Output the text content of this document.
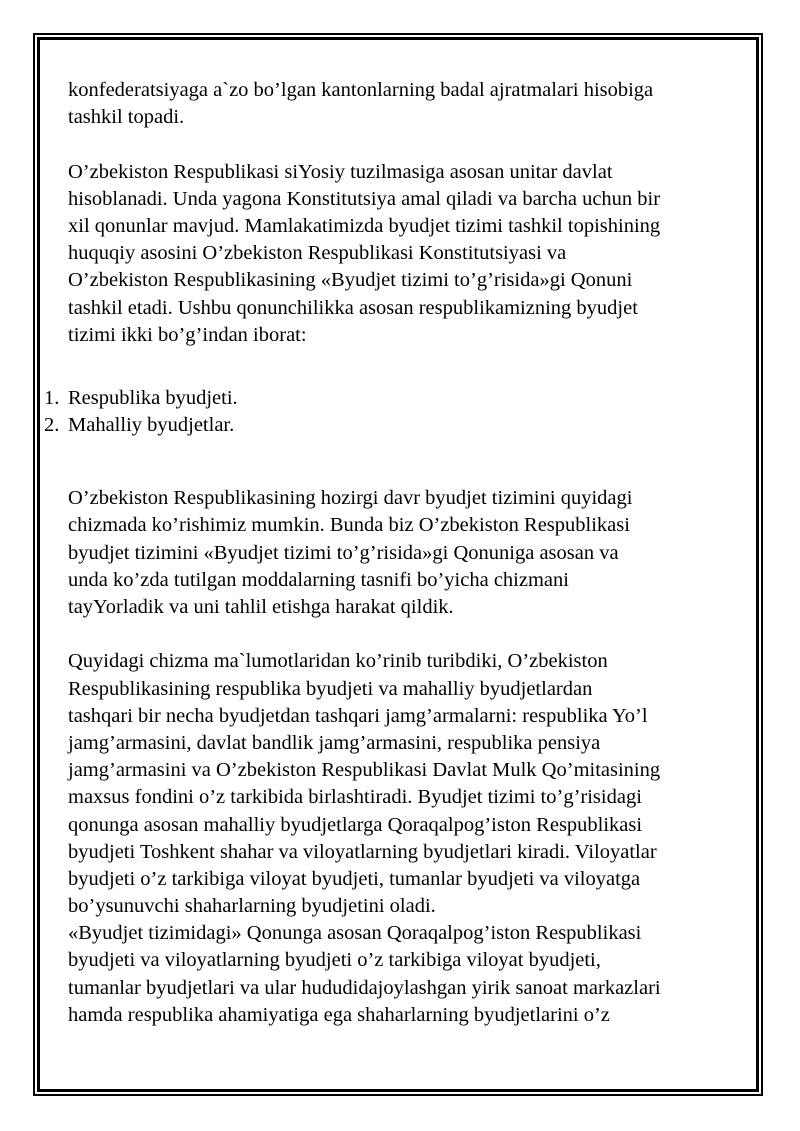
konfederatsiyaga a`zo bo’lgan kantonlarning badal ajratmalari hisobiga
tashkil topadi.
O’zbekiston Respublikasi siYosiy tuzilmasiga asosan unitar davlat
hisoblanadi. Unda yagona Konstitutsiya amal qiladi va barcha uchun bir
xil qonunlar mavjud. Mamlakatimizda byudjet tizimi tashkil topishining
huquqiy asosini O’zbekiston Respublikasi Konstitutsiyasi va
O’zbekiston Respublikasining «Byudjet tizimi to’g’risida»gi Qonuni
tashkil etadi. Ushbu qonunchilikka asosan respublikamizning byudjet
tizimi ikki bo’g’indan iborat:
1. Respublika byudjeti.
2. Mahalliy byudjetlar.
O’zbekiston Respublikasining hozirgi davr byudjet tizimini quyidagi
chizmada ko’rishimiz mumkin. Bunda biz O’zbekiston Respublikasi
byudjet tizimini «Byudjet tizimi to’g’risida»gi Qonuniga asosan va
unda ko’zda tutilgan moddalarning tasnifi bo’yicha chizmani
tayYorladik va uni tahlil etishga harakat qildik.
Quyidagi chizma ma`lumotlaridan ko’rinib turibdiki, O’zbekiston
Respublikasining respublika byudjeti va mahalliy byudjetlardan
tashqari bir necha byudjetdan tashqari jamg’armalarni: respublika Yo’l
jamg’armasini, davlat bandlik jamg’armasini, respublika pensiya
jamg’armasini va O’zbekiston Respublikasi Davlat Mulk Qo’mitasining
maxsus fondini o’z tarkibida birlashtiradi. Byudjet tizimi to’g’risidagi
qonunga asosan mahalliy byudjetlarga Qoraqalpog’iston Respublikasi
byudjeti Toshkent shahar va viloyatlarning byudjetlari kiradi. Viloyatlar
byudjeti o’z tarkibiga viloyat byudjeti, tumanlar byudjeti va viloyatga
bo’ysunuvchi shaharlarning byudjetini oladi.
«Byudjet tizimidagi» Qonunga asosan Qoraqalpog’iston Respublikasi
byudjeti va viloyatlarning byudjeti o’z tarkibiga viloyat byudjeti,
tumanlar byudjetlari va ular hududidajoylashgan yirik sanoat markazlari
hamda respublika ahamiyatiga ega shaharlarning byudjetlarini o’z
